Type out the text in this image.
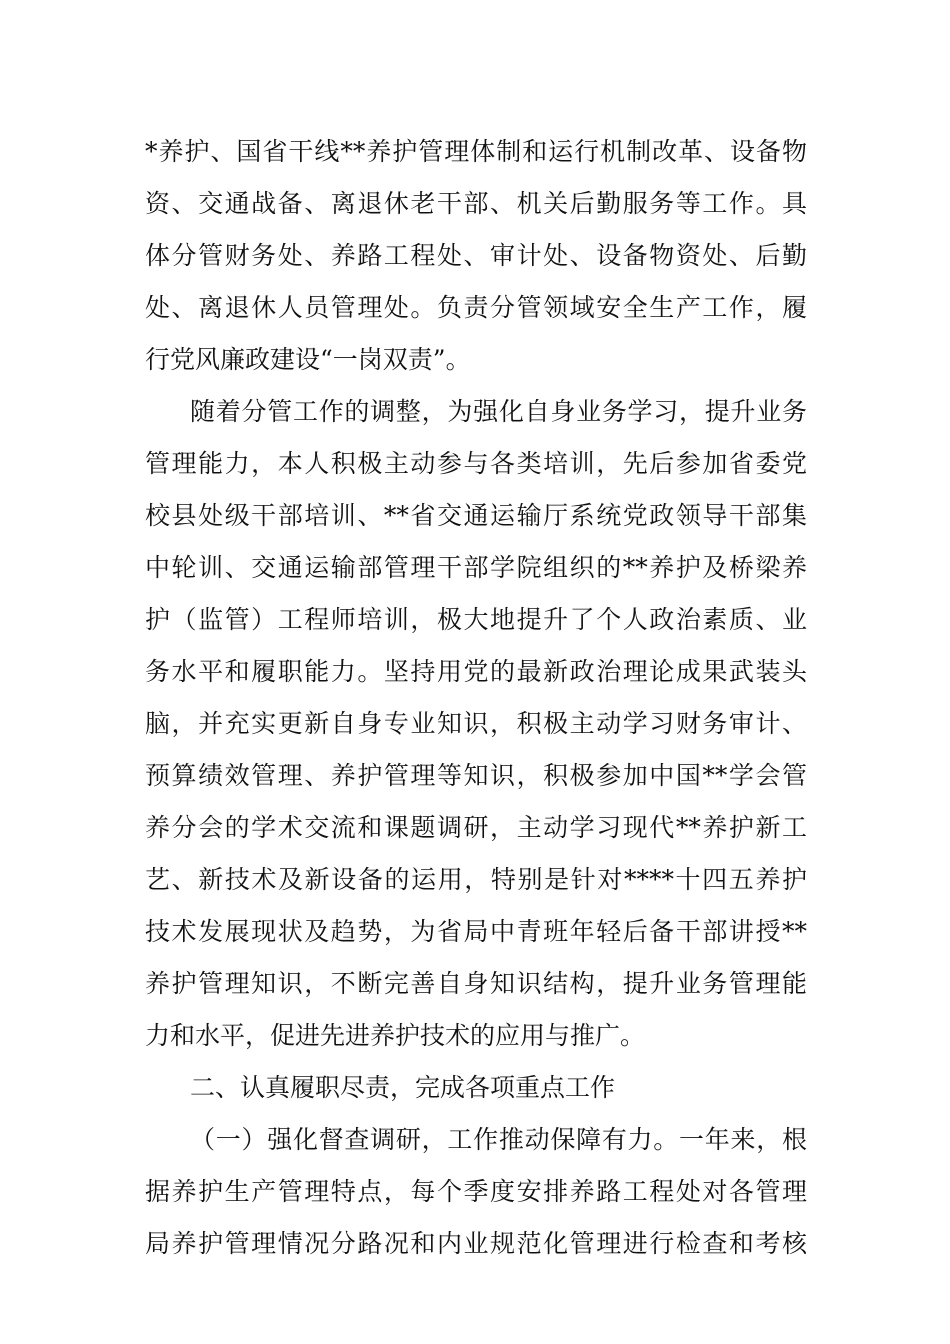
*养护、国省干线**养护管理体制和运行机制改革、设备物
资、交通战备、离退休老干部、机关后勤服务等工作。具
体分管财务处、养路工程处、审计处、设备物资处、后勤
处、离退休人员管理处。负责分管领域安全生产工作，履
行党风廉政建设“一岗双责”。
随着分管工作的调整，为强化自身业务学习，提升业务
管理能力，本人积极主动参与各类培训，先后参加省委党
校县处级干部培训、**省交通运输厅系统党政领导干部集
中轮训、交通运输部管理干部学院组织的**养护及桥梁养
护（监管）工程师培训，极大地提升了个人政治素质、业
务水平和履职能力。坚持用党的最新政治理论成果武装头
脑，并充实更新自身专业知识，积极主动学习财务审计、
预算绩效管理、养护管理等知识，积极参加中国**学会管
养分会的学术交流和课题调研，主动学习现代**养护新工
艺、新技术及新设备的运用，特别是针对****十四五养护
技术发展现状及趋势，为省局中青班年轻后备干部讲授**
养护管理知识，不断完善自身知识结构，提升业务管理能
力和水平，促进先进养护技术的应用与推广。
二、认真履职尽责，完成各项重点工作
（一）强化督查调研，工作推动保障有力。一年来，根
据养护生产管理特点，每个季度安排养路工程处对各管理
局养护管理情况分路况和内业规范化管理进行检查和考核
